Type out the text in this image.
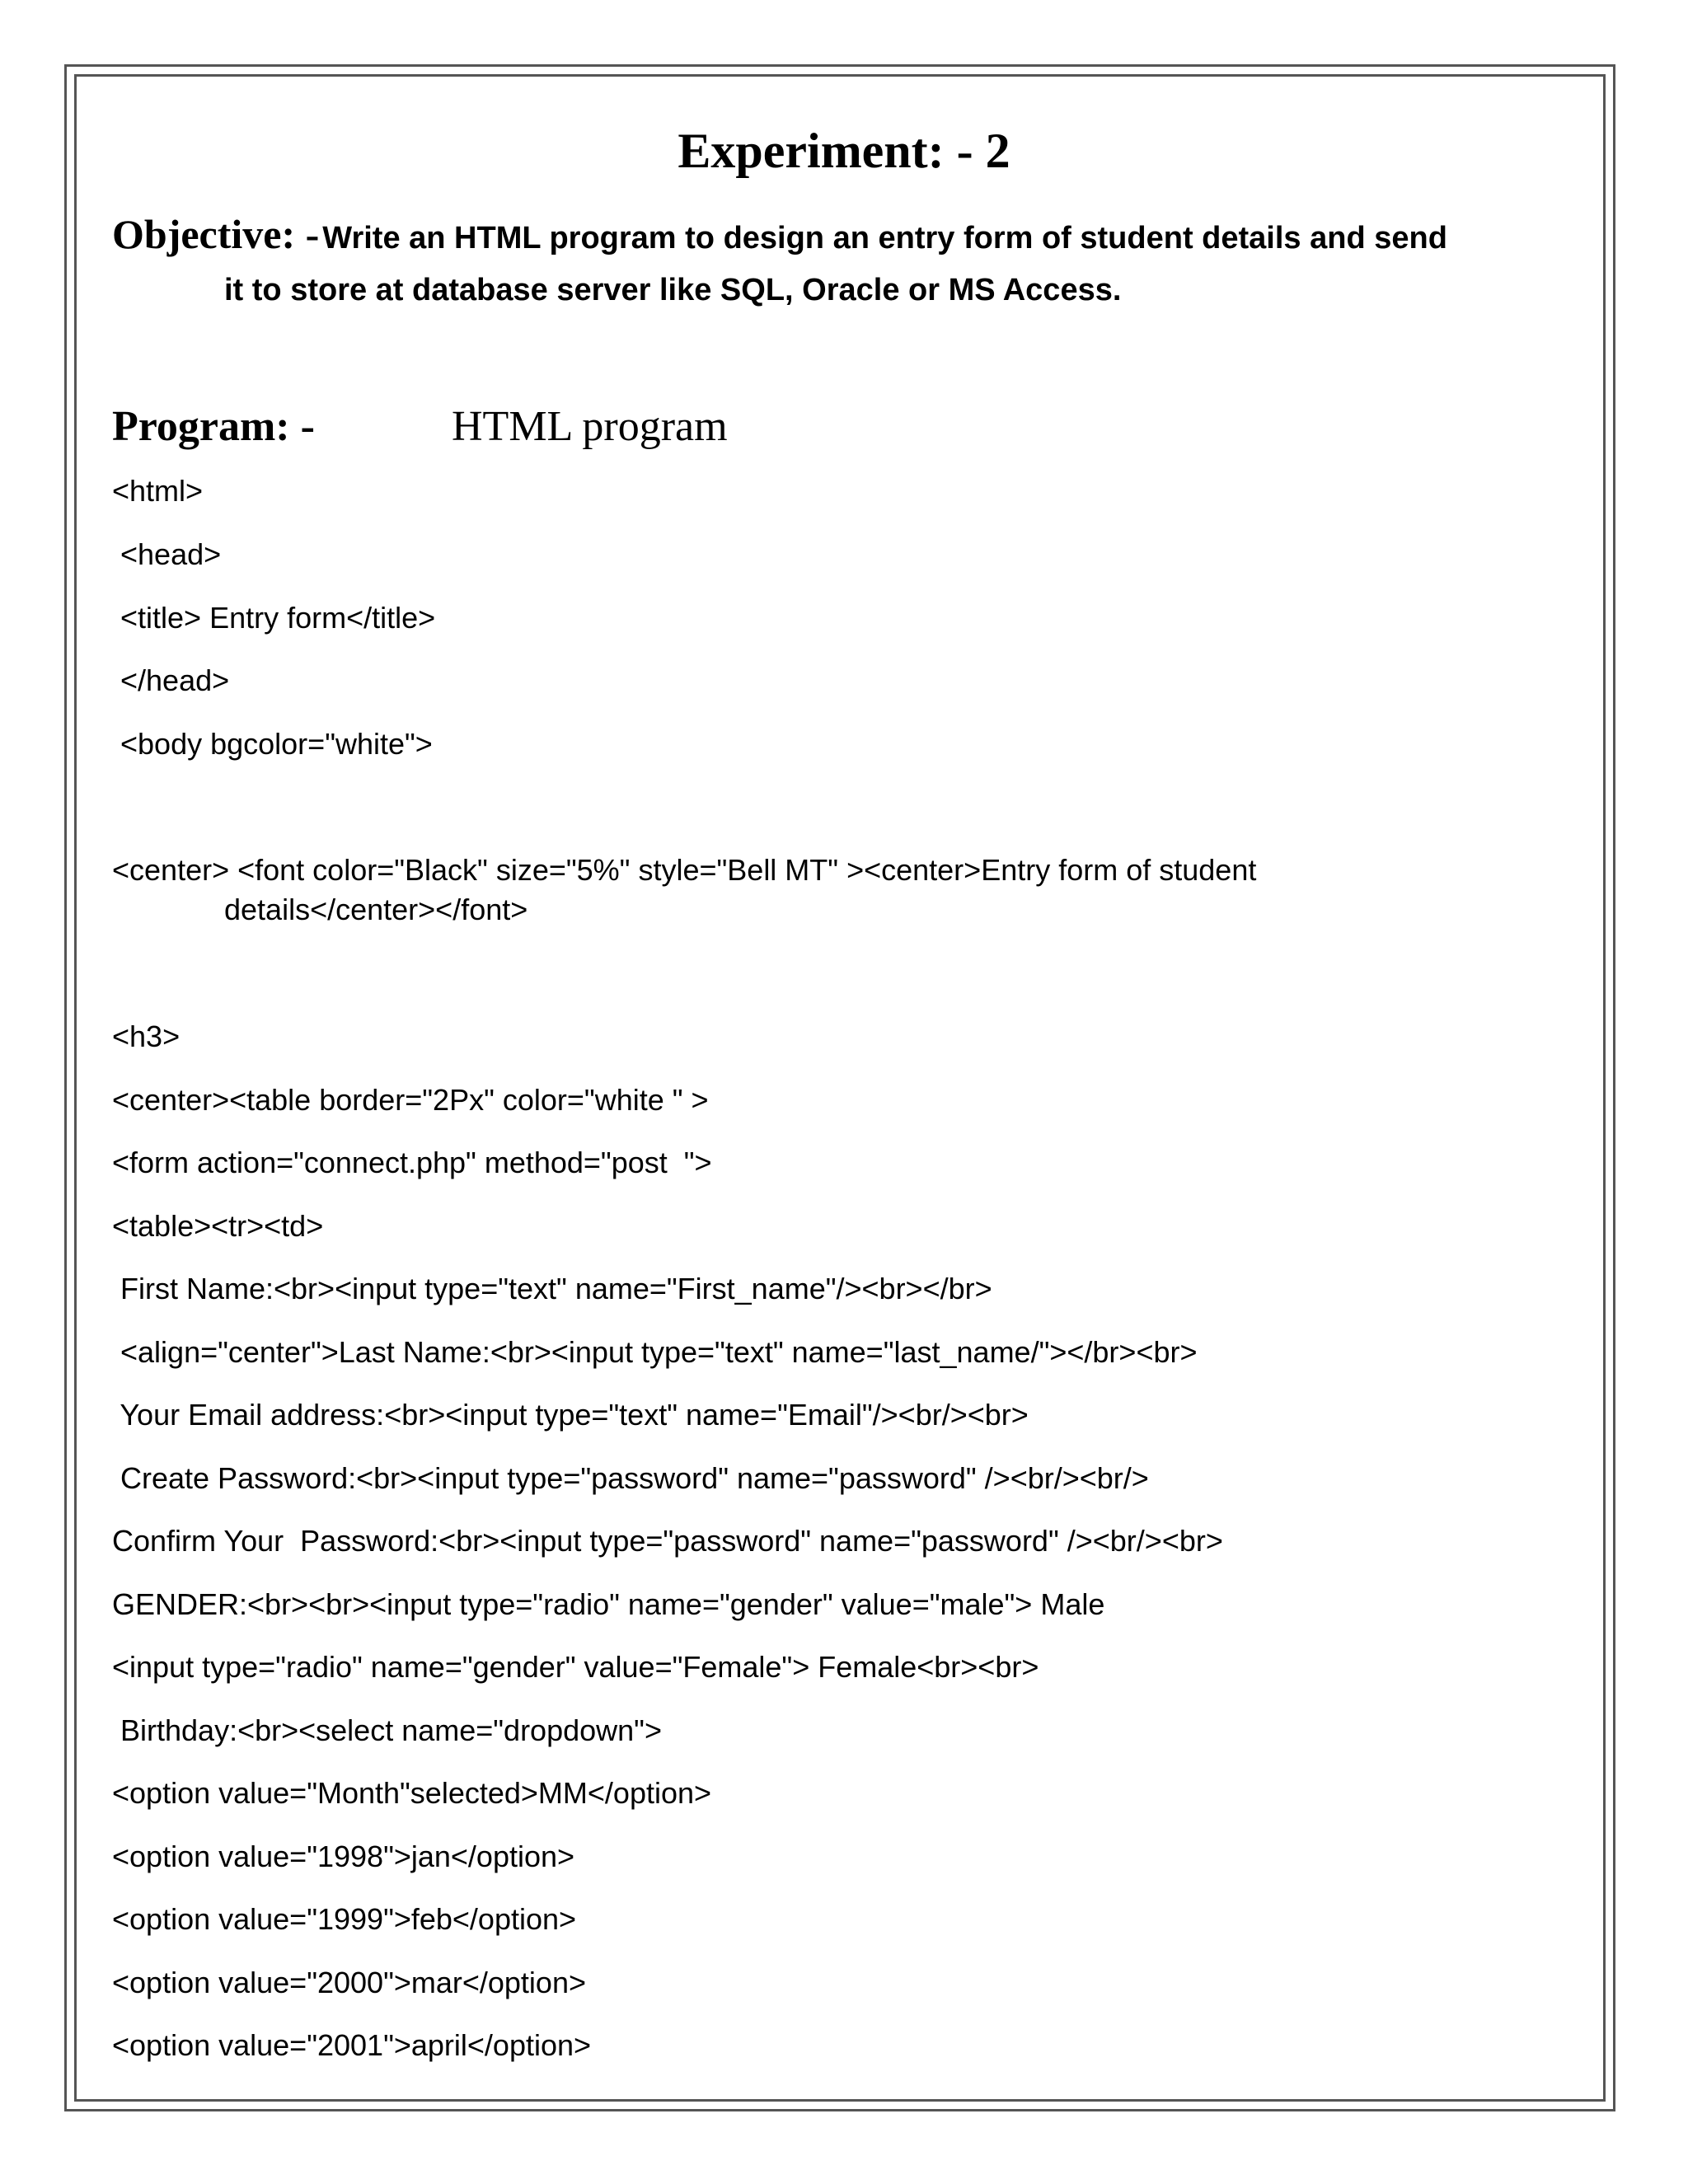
Experiment: - 2
Objective: - Write an HTML program to design an entry form of student details and send
it to store at database server like SQL, Oracle or MS Access.
Program: -	HTML program

<html>

<head>

<title> Entry form</title>

</head>

<body bgcolor="white">

<center> <font color="Black" size="5%" style="Bell MT" ><center>Entry form of student

details</center></font>

<h3>

<center><table border="2Px" color="white " >

<form action="connect.php" method="post  ">

<table><tr><td>

First Name:<br><input type="text" name="First_name"/><br></br>

<align="center">Last Name:<br><input type="text" name="last_name/"></br><br>

Your Email address:<br><input type="text" name="Email"/><br/><br>

Create Password:<br><input type="password" name="password" /><br/><br/>

Confirm Your  Password:<br><input type="password" name="password" /><br/><br>

GENDER:<br><br><input type="radio" name="gender" value="male"> Male

<input type="radio" name="gender" value="Female"> Female<br><br>

Birthday:<br><select name="dropdown">

<option value="Month"selected>MM</option>

<option value="1998">jan</option>

<option value="1999">feb</option>

<option value="2000">mar</option>

<option value="2001">april</option>
